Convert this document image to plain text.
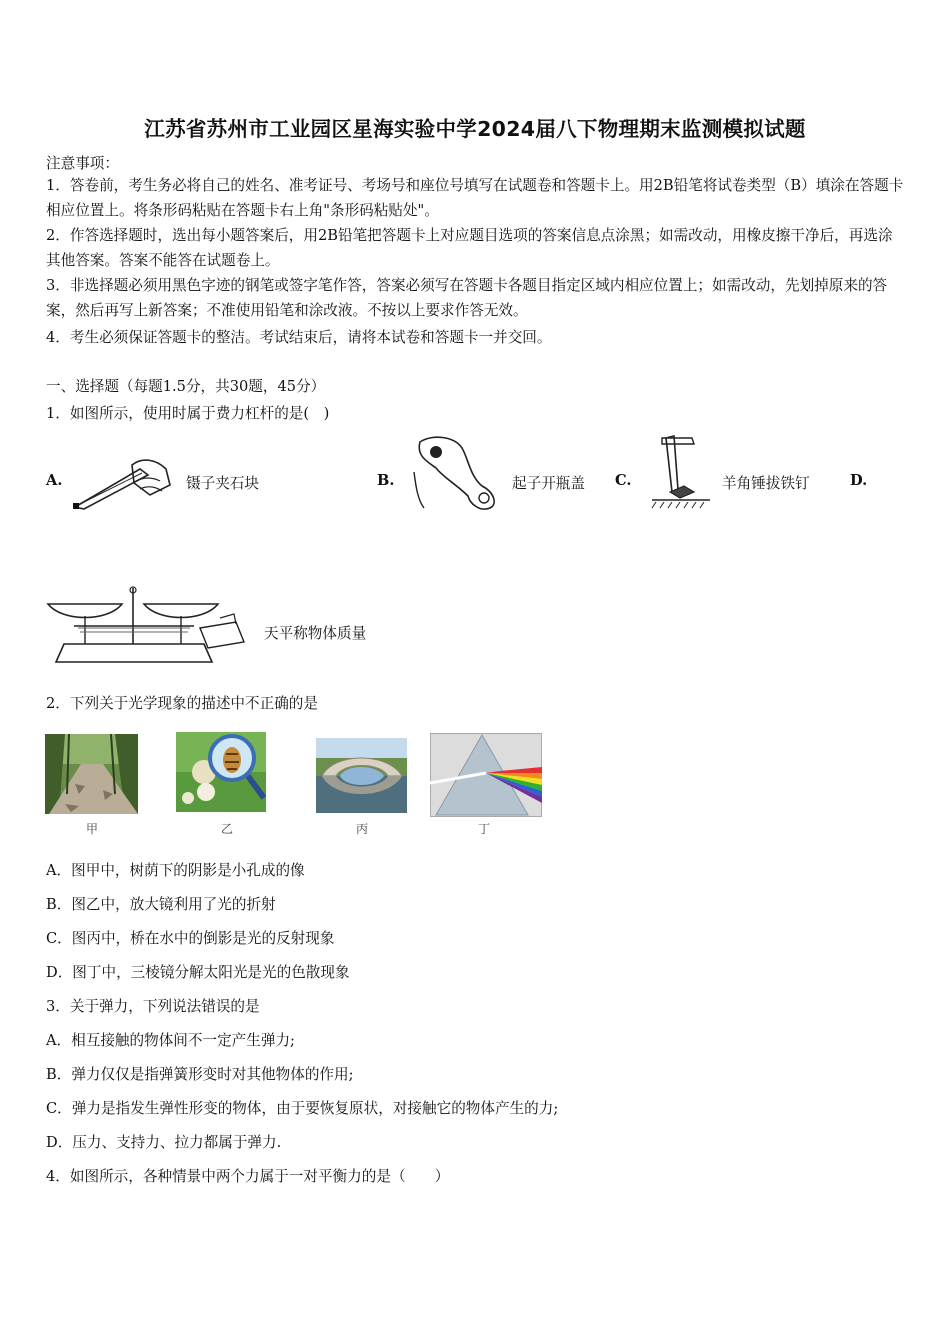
江苏省苏州市工业园区星海实验中学2024届八下物理期末监测模拟试题
注意事项：
1．答卷前，考生务必将自己的姓名、准考证号、考场号和座位号填写在试题卷和答题卡上。用2B铅笔将试卷类型（B）填涂在答题卡相应位置上。将条形码粘贴在答题卡右上角"条形码粘贴处"。
2．作答选择题时，选出每小题答案后，用2B铅笔把答题卡上对应题目选项的答案信息点涂黑；如需改动，用橡皮擦干净后，再选涂其他答案。答案不能答在试题卷上。
3．非选择题必须用黑色字迹的钢笔或签字笔作答，答案必须写在答题卡各题目指定区域内相应位置上；如需改动，先划掉原来的答案，然后再写上新答案；不准使用铅笔和涂改液。不按以上要求作答无效。
4．考生必须保证答题卡的整洁。考试结束后，请将本试卷和答题卡一并交回。
一、选择题（每题1.5分，共30题，45分）
1．如图所示，使用时属于费力杠杆的是(　)
A.	镊子夹石块	B.	起子开瓶盖 C.	羊角锤拔铁钉	D.
天平称物体质量
2．下列关于光学现象的描述中不正确的是
甲	乙	丙	丁
A．图甲中，树荫下的阴影是小孔成的像
B．图乙中，放大镜利用了光的折射
C．图丙中，桥在水中的倒影是光的反射现象
D．图丁中，三棱镜分解太阳光是光的色散现象
3．关于弹力，下列说法错误的是
A．相互接触的物体间不一定产生弹力;
B．弹力仅仅是指弹簧形变时对其他物体的作用;
C．弹力是指发生弹性形变的物体，由于要恢复原状，对接触它的物体产生的力;
D．压力、支持力、拉力都属于弹力.
4．如图所示，各种情景中两个力属于一对平衡力的是（　　）
